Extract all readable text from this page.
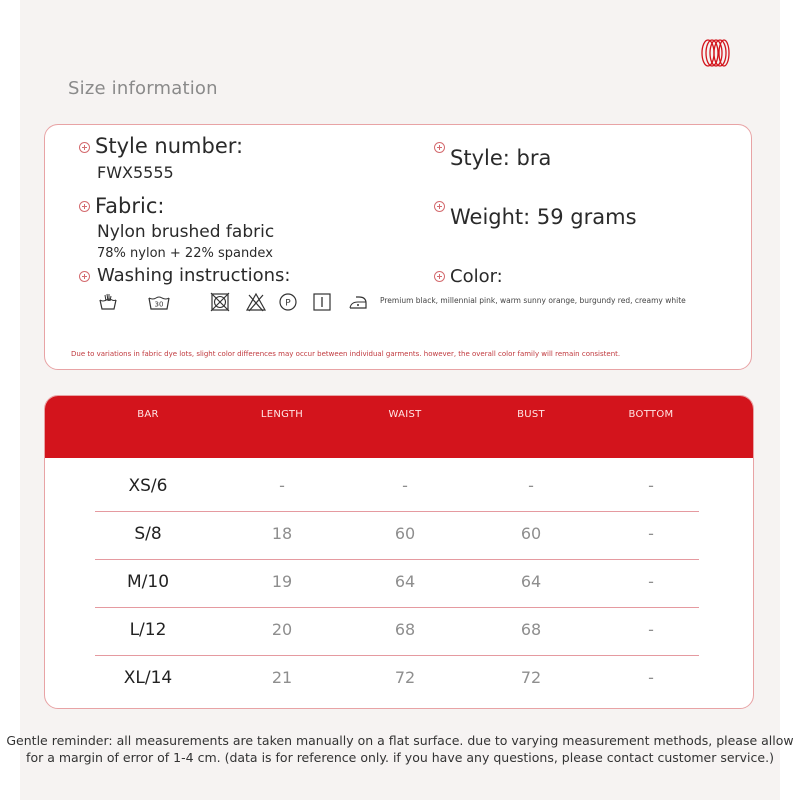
Size information
Style number:
FWX5555
Style: bra
Fabric:
Nylon brushed fabric
78% nylon + 22% spandex
Weight: 59 grams
Washing instructions:	Color:
Premium black, millennial pink, warm sunny orange, burgundy red, creamy white
30	P
Due to variations in fabric dye lots, slight color differences may occur between individual garments. however, the overall color family will remain consistent.
BAR	LENGTH	WAIST	BUST	BOTTOM
XS/6	-	-	-	-
S/8	18	60	60	-
M/10	19	64	64	-
L/12	20	68	68	-
XL/14	21	72	72	-
Gentle reminder: all measurements are taken manually on a flat surface. due to varying measurement methods, please allow
for a margin of error of 1-4 cm. (data is for reference only. if you have any questions, please contact customer service.)
